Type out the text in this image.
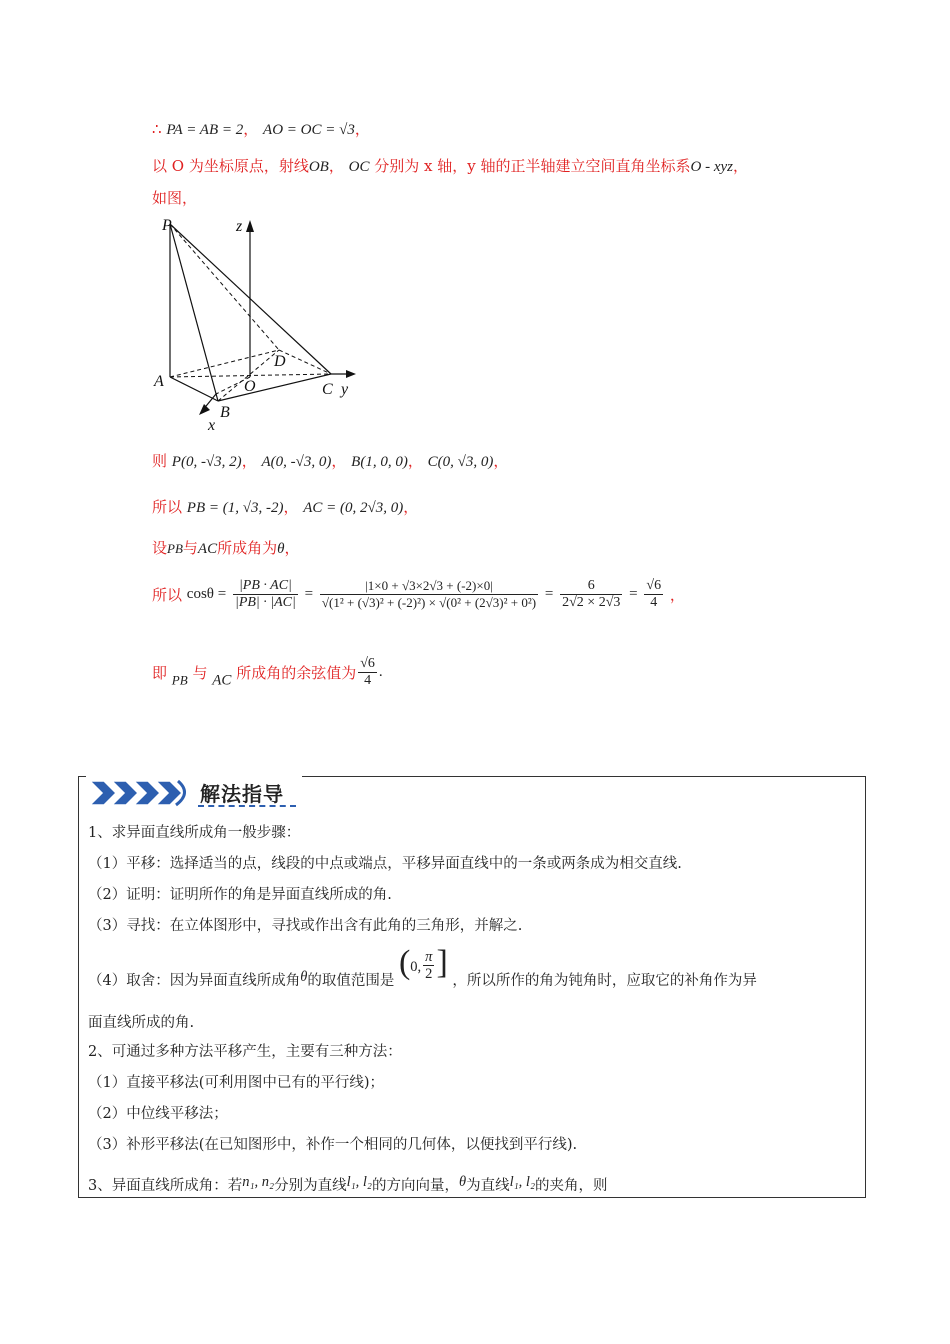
∴ PA = AB = 2， AO = OC = √3，
以 O 为坐标原点，射线OB， OC 分别为 x 轴，y 轴的正半轴建立空间直角坐标系O - xyz，
如图，
P	z
D
A	O	C y
B
x
则 P(0, -√3, 2)， A(0, -√3, 0)， B(1, 0, 0)， C(0, √3, 0)，
所以 PB = (1, √3, -2)， AC = (0, 2√3, 0)，
设PB与AC所成角为θ，
所以 $\cos\theta = \frac{|PB \cdot AC|}{|PB| \cdot |AC|} = \frac{|1\times 0 + √3\times 2√3 + (-2)\times 0|}{\text{√(1² + (√3)² + (-2)²) × √(0² + (2√3)² + 0²)}} = \frac{6}{2√2 \times 2√3} = \frac{√6}{4}$ ，
即 PB 与 AC 所成角的余弦值为 $\frac{√6}{4}$ .
解法指导
1、求异面直线所成角一般步骤：
（1）平移：选择适当的点，线段的中点或端点，平移异面直线中的一条或两条成为相交直线.
（2）证明：证明所作的角是异面直线所成的角.
（3）寻找：在立体图形中，寻找或作出含有此角的三角形，并解之.
（4）取舍：因为异面直线所成角θ的取值范围是 (0, $\frac{\pi}{2}$ ] ，所以所作的角为钝角时，应取它的补角作为异
面直线所成的角.
2、可通过多种方法平移产生，主要有三种方法：
（1）直接平移法(可利用图中已有的平行线)；
（2）中位线平移法；
（3）补形平移法(在已知图形中，补作一个相同的几何体，以便找到平行线).
3、异面直线所成角：若n₁, n₂分别为直线l₁, l₂的方向向量，θ为直线l₁, l₂的夹角，则
